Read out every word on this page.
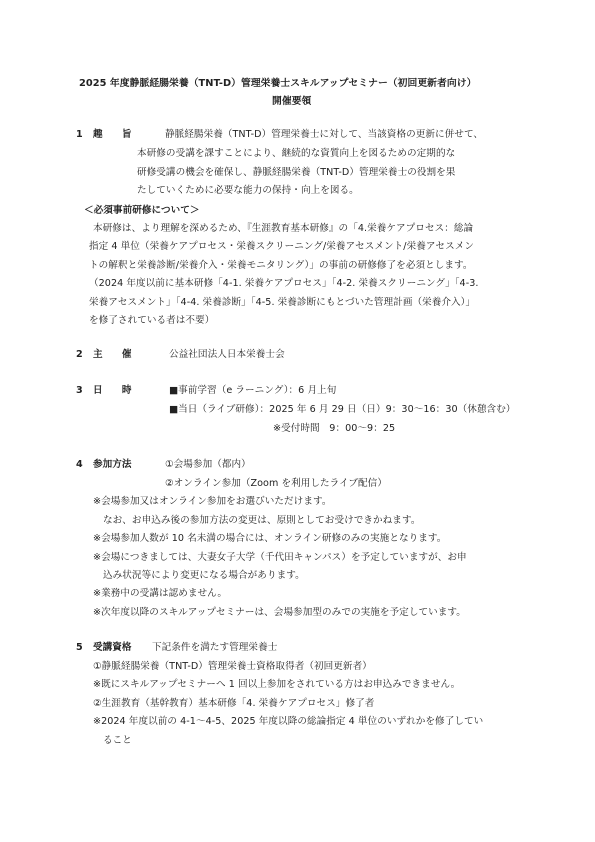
2025 年度静脈経腸栄養（TNT-D）管理栄養士スキルアップセミナー（初回更新者向け）
開催要領
1 趣　　旨	静脈経腸栄養（TNT-D）管理栄養士に対して、当該資格の更新に併せて、
本研修の受講を課すことにより、継続的な資質向上を図るための定期的な
研修受講の機会を確保し、静脈経腸栄養（TNT-D）管理栄養士の役割を果
たしていくために必要な能力の保持・向上を図る。
＜必須事前研修について＞
本研修は、より理解を深めるため、『生涯教育基本研修』の「4.栄養ケアプロセス：総論
指定 4 単位（栄養ケアプロセス・栄養スクリーニング/栄養アセスメント/栄養アセスメン
トの解釈と栄養診断/栄養介入・栄養モニタリング）」の事前の研修修了を必須とします。
（2024 年度以前に基本研修「4-1. 栄養ケアプロセス」「4-2. 栄養スクリーニング」「4-3.
栄養アセスメント」「4-4. 栄養診断」「4-5. 栄養診断にもとづいた管理計画（栄養介入）」
を修了されている者は不要）
2 主　　催	公益社団法人日本栄養士会
3 日　　時	■事前学習（e ラーニング）：6 月上旬
■当日（ライブ研修）：2025 年 6 月 29 日（日）9：30～16：30（休憩含む）
※受付時間　9：00～9：25
4 参加方法	①会場参加（都内）
②オンライン参加（Zoom を利用したライブ配信）
※会場参加又はオンライン参加をお選びいただけます。
なお、お申込み後の参加方法の変更は、原則としてお受けできかねます。
※会場参加人数が 10 名未満の場合には、オンライン研修のみの実施となります。
※会場につきましては、大妻女子大学（千代田キャンパス）を予定していますが、お申
込み状況等により変更になる場合があります。
※業務中の受講は認めません。
※次年度以降のスキルアップセミナーは、会場参加型のみでの実施を予定しています。
5 受講資格 下記条件を満たす管理栄養士
①静脈経腸栄養（TNT-D）管理栄養士資格取得者（初回更新者）
※既にスキルアップセミナーへ 1 回以上参加をされている方はお申込みできません。
②生涯教育（基幹教育）基本研修「4. 栄養ケアプロセス」修了者
※2024 年度以前の 4-1～4-5、2025 年度以降の総論指定 4 単位のいずれかを修了してい
ること
